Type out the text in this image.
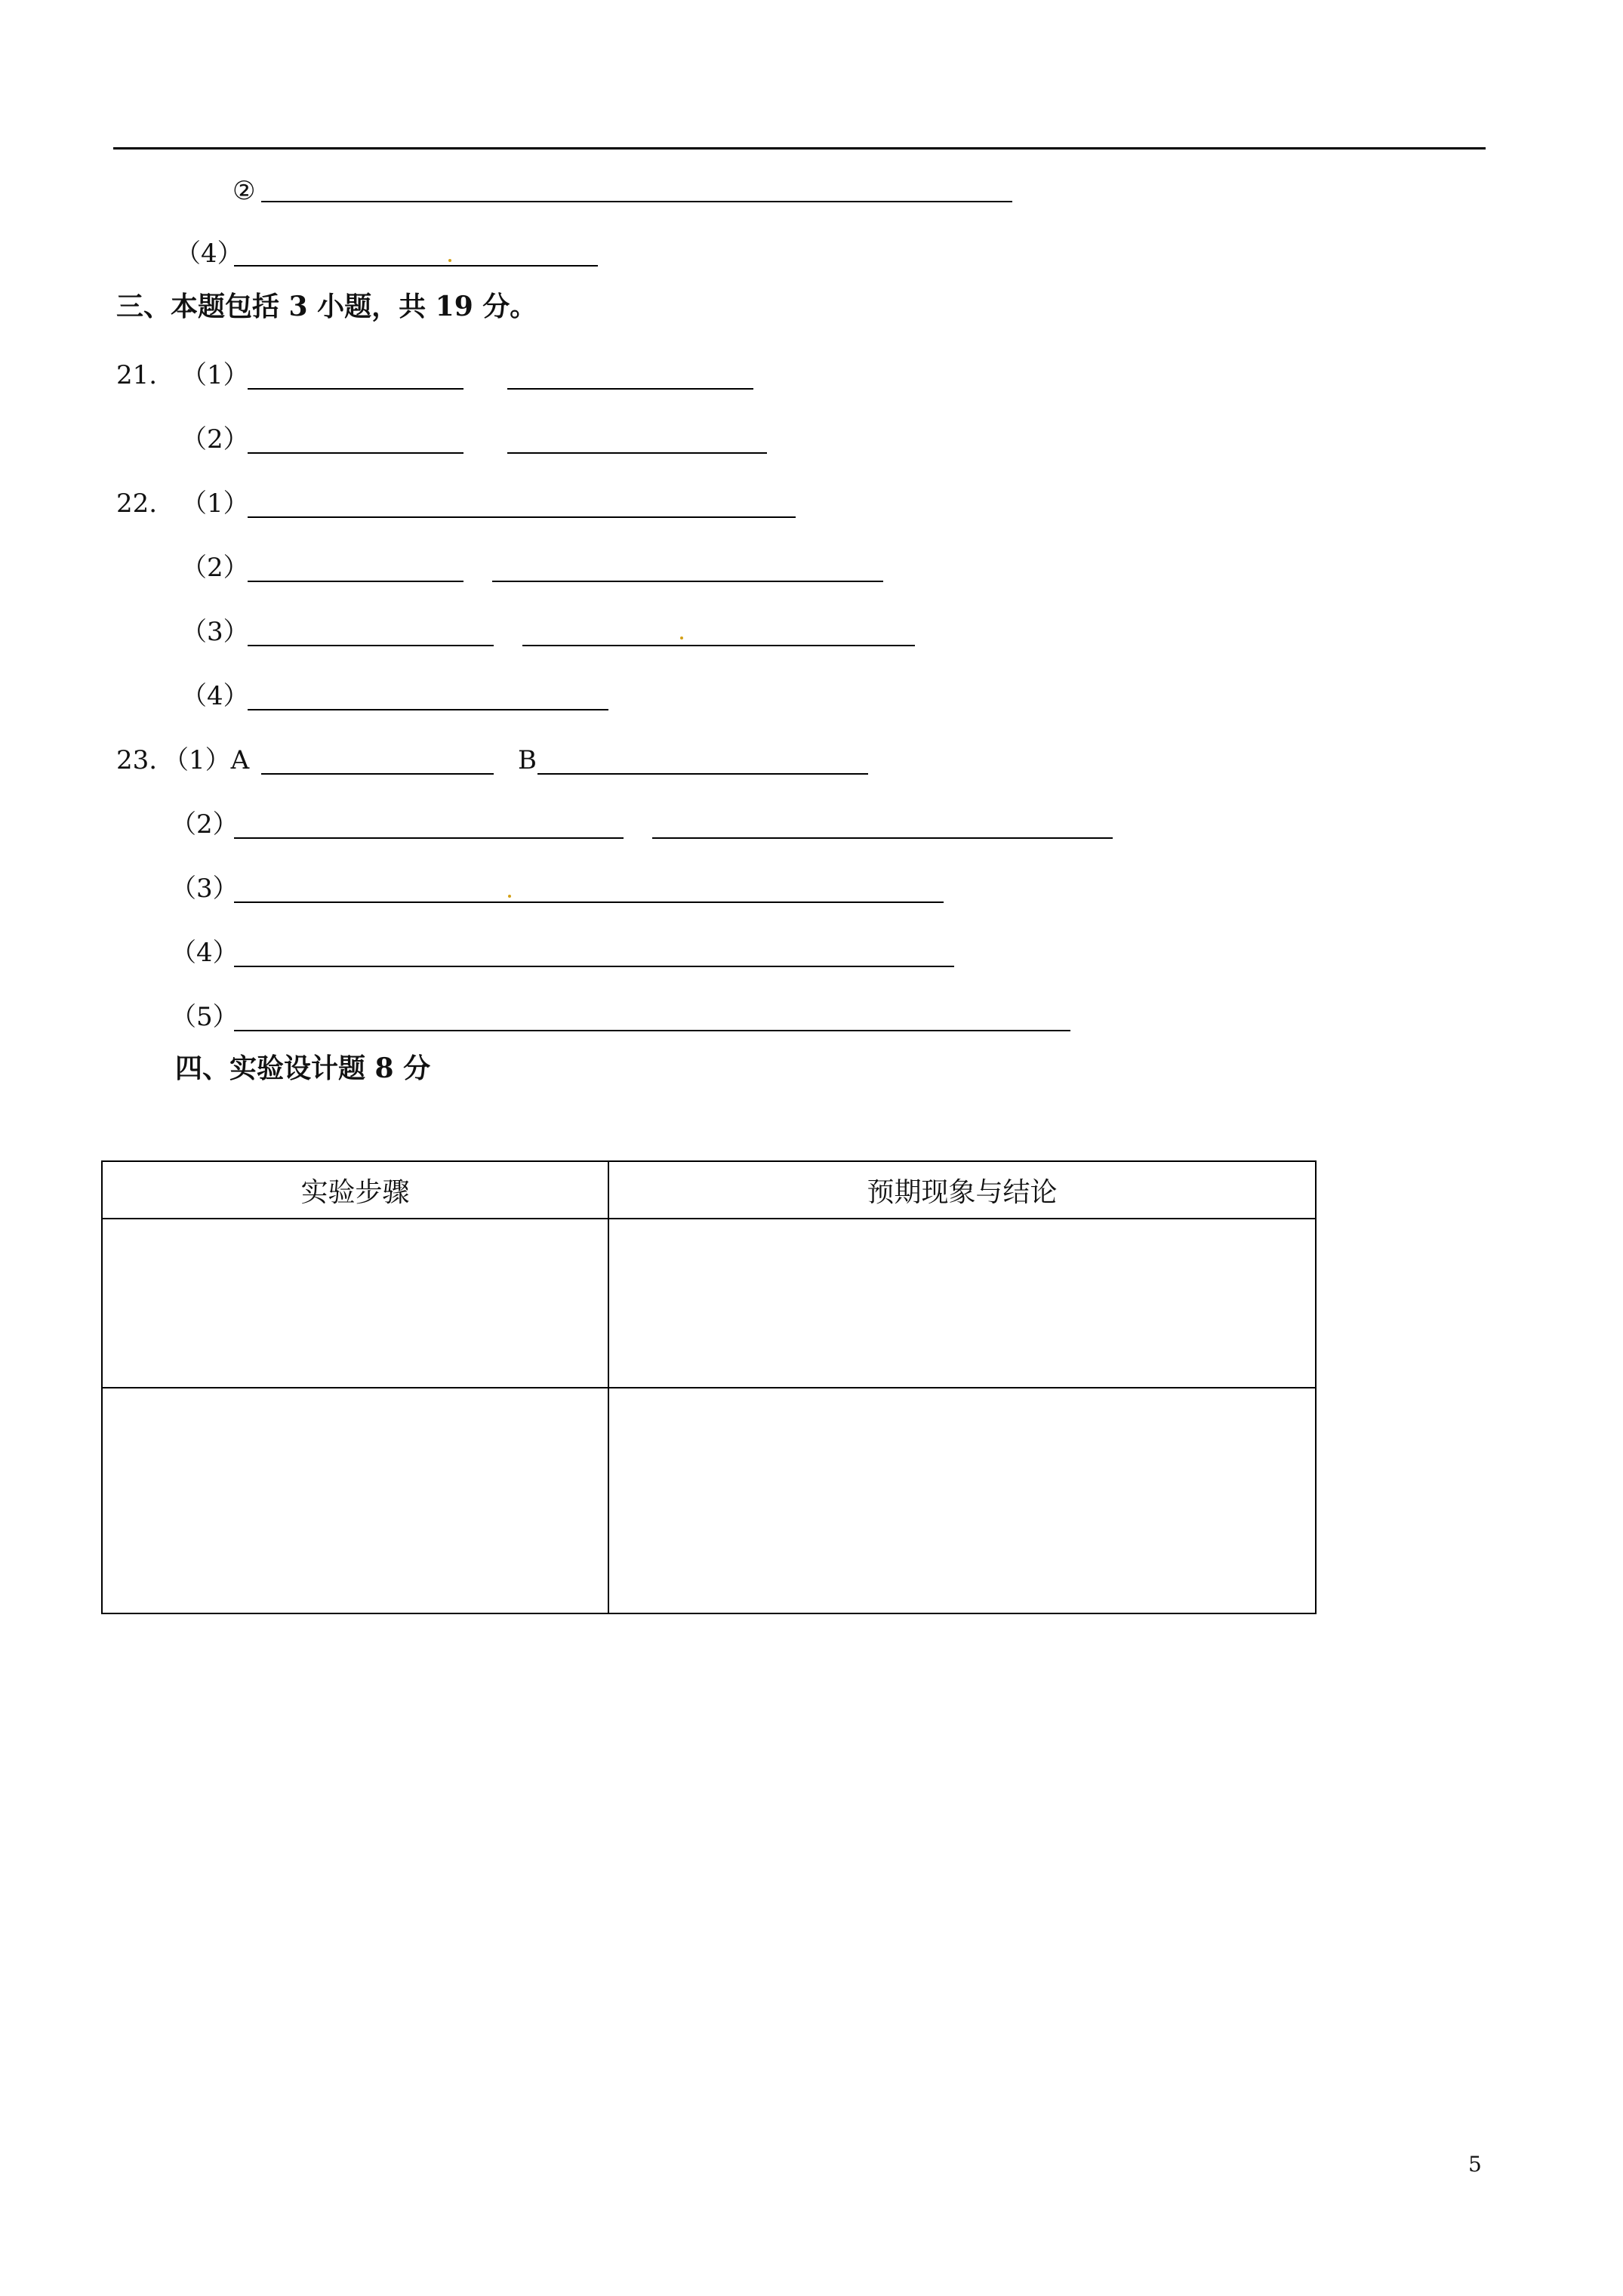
②
（4）
三、本题包括 3 小题，共 19 分。
21. （1）
（2）
22. （1）
（2）
（3）
（4）
23. （1）A	B
（2）
（3）
（4）
（5）
四、实验设计题 8 分
实验步骤	预期现象与结论

5
